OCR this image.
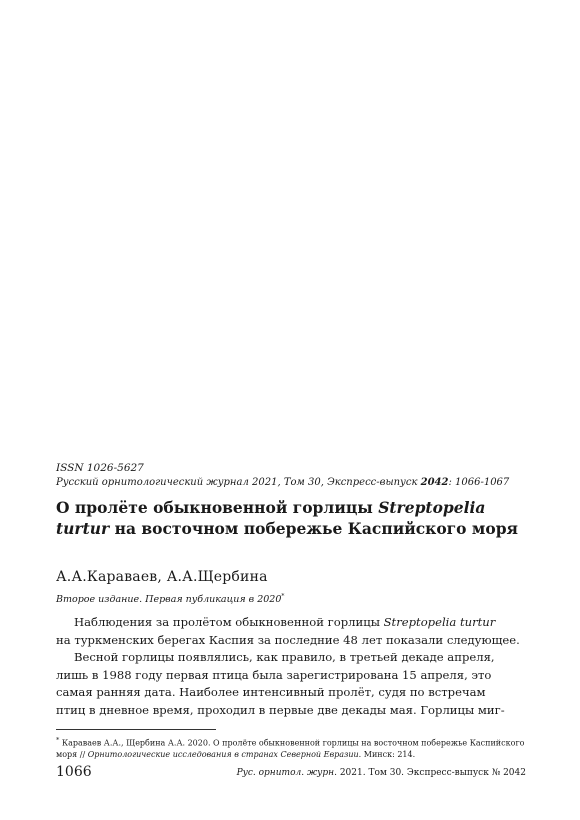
ISSN 1026-5627
Русский орнитологический журнал 2021, Том 30, Экспресс-выпуск 2042: 1066-1067
О пролёте обыкновенной горлицы Streptopelia turtur на восточном побережье Каспийского моря
А.А.Караваев, А.А.Щербина
Второе издание. Первая публикация в 2020*
Наблюдения за пролётом обыкновенной горлицы Streptopelia turtur
на туркменских берегах Каспия за последние 48 лет показали следующее.
Весной горлицы появлялись, как правило, в третьей декаде апреля,
лишь в 1988 году первая птица была зарегистрирована 15 апреля, это
самая ранняя дата. Наиболее интенсивный пролёт, судя по встречам
птиц в дневное время, проходил в первые две декады мая. Горлицы миг-
* Караваев А.А., Щербина А.А. 2020. О пролёте обыкновенной горлицы на восточном побережье Каспийского
моря // Орнитологические исследования в странах Северной Евразии. Минск: 214.
1066	Рус. орнитол. журн. 2021. Том 30. Экспресс-выпуск № 2042
